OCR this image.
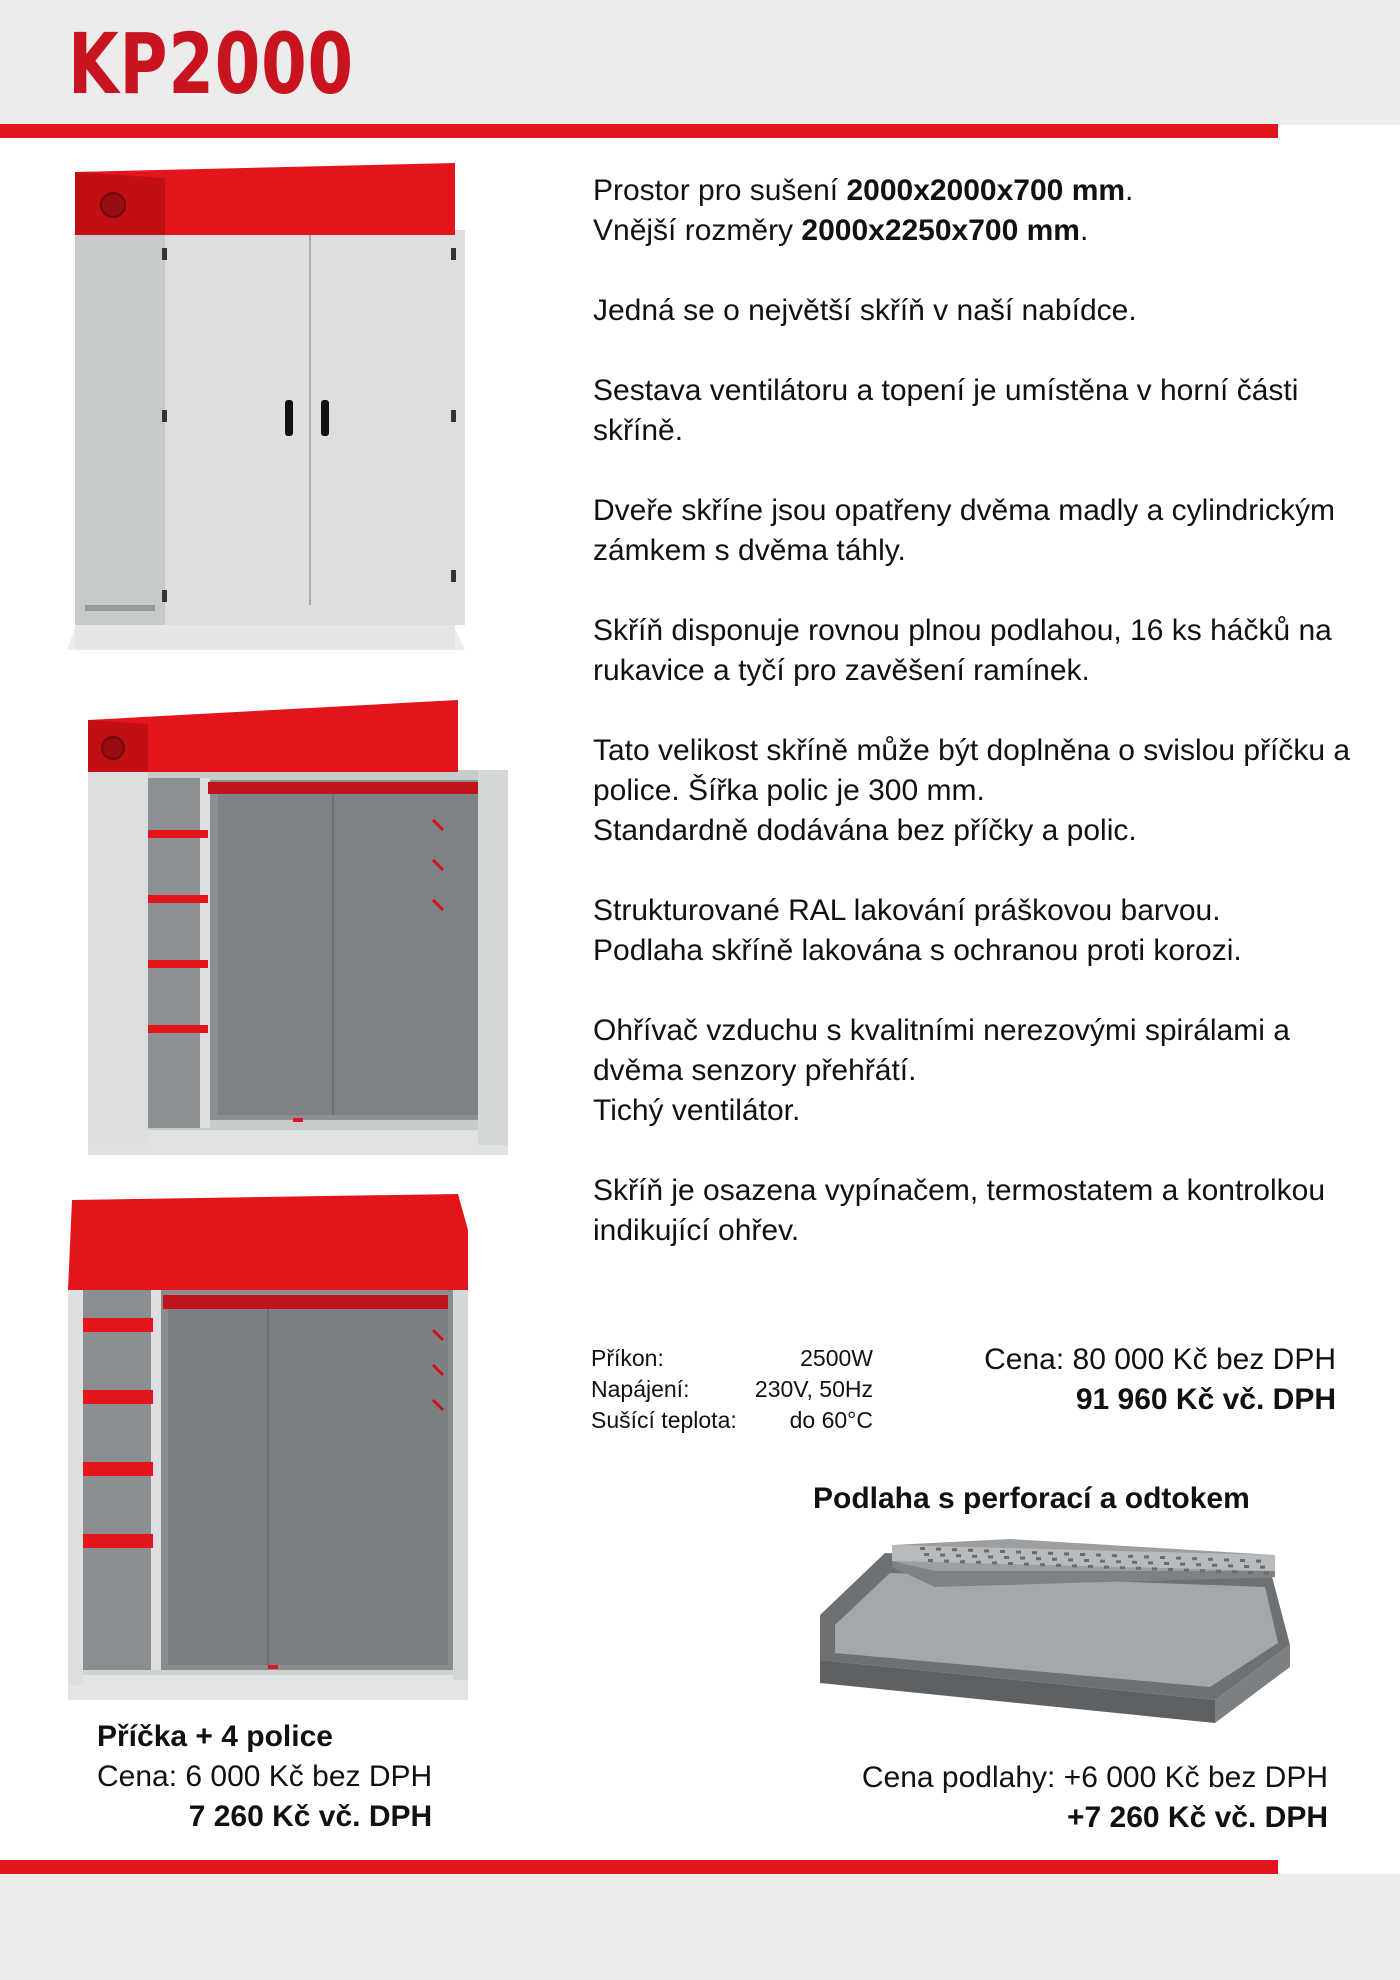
KP2000

Prostor pro sušení 2000x2000x700 mm.
Vnější rozměry 2000x2250x700 mm.

Jedná se o největší skříň v naší nabídce.

Sestava ventilátoru a topení je umístěna v horní části skříně.

Dveře skříne jsou opatřeny dvěma madly a cylindrickým zámkem s dvěma táhly.

Skříň disponuje rovnou plnou podlahou, 16 ks háčků na rukavice a tyčí pro zavěšení ramínek.

Tato velikost skříně může být doplněna o svislou příčku a police. Šířka polic je 300 mm.
Standardně dodávána bez příčky a polic.

Strukturované RAL lakování práškovou barvou.
Podlaha skříně lakována s ochranou proti korozi.

Ohřívač vzduchu s kvalitními nerezovými spirálami a dvěma senzory přehřátí.
Tichý ventilátor.

Skříň je osazena vypínačem, termostatem a kontrolkou indikující ohřev.

Příkon:	2500W
Napájení:	230V, 50Hz
Sušící teplota: do 60°C
Cena: 80 000 Kč bez DPH
91 960 Kč vč. DPH
Podlaha s perforací a odtokem
Příčka + 4 police
Cena: 6 000 Kč bez DPH
7 260 Kč vč. DPH
Cena podlahy: +6 000 Kč bez DPH
+7 260 Kč vč. DPH
